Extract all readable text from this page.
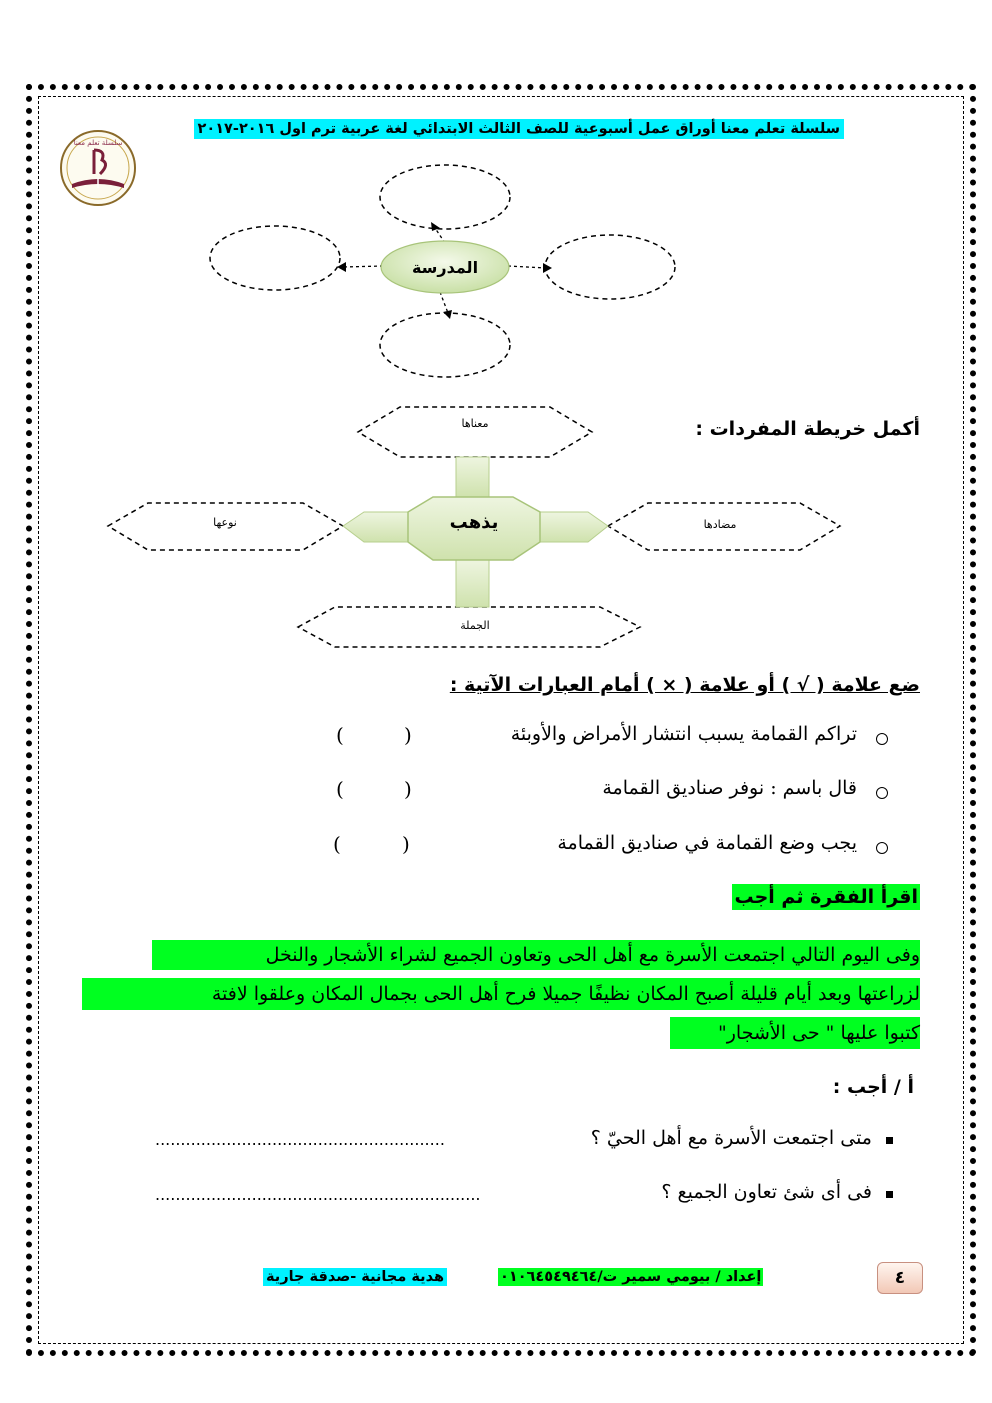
سلسلة تعلم معنا أوراق عمل أسبوعية للصف الثالث الابتدائي لغة عربية ترم اول ٢٠١٦-٢٠١٧
سلسلة تعلم معنا
المدرسة
أكمل خريطة المفردات :
يذهب
معناها
نوعها	مضادها
الجملة
ضع علامة ( √ ) أو علامة ( × ) أمام العبارات الآتية :
تراكم القمامة يسبب انتشار الأمراض والأوبئة
)
(
قال باسم : نوفر صناديق القمامة
)
(
يجب وضع القمامة في صناديق القمامة
)
(
اقرأ الفقرة ثم أجب
وفى اليوم التالي اجتمعت الأسرة مع أهل الحى وتعاون الجميع لشراء الأشجار والنخل
لزراعتها وبعد أيام قليلة أصبح المكان نظيفًا جميلا فرح أهل الحى بجمال المكان وعلقوا لافتة
كتبوا عليها " حى الأشجار"
أ / أجب :
متى اجتمعت الأسرة مع أهل الحيّ ؟
.........................................................
فى أى شئ تعاون الجميع ؟
................................................................
٤
إعداد / بيومي سمير ت/٠١٠٦٤٥٤٩٤٦٤
هدية مجانية -صدقة جارية
